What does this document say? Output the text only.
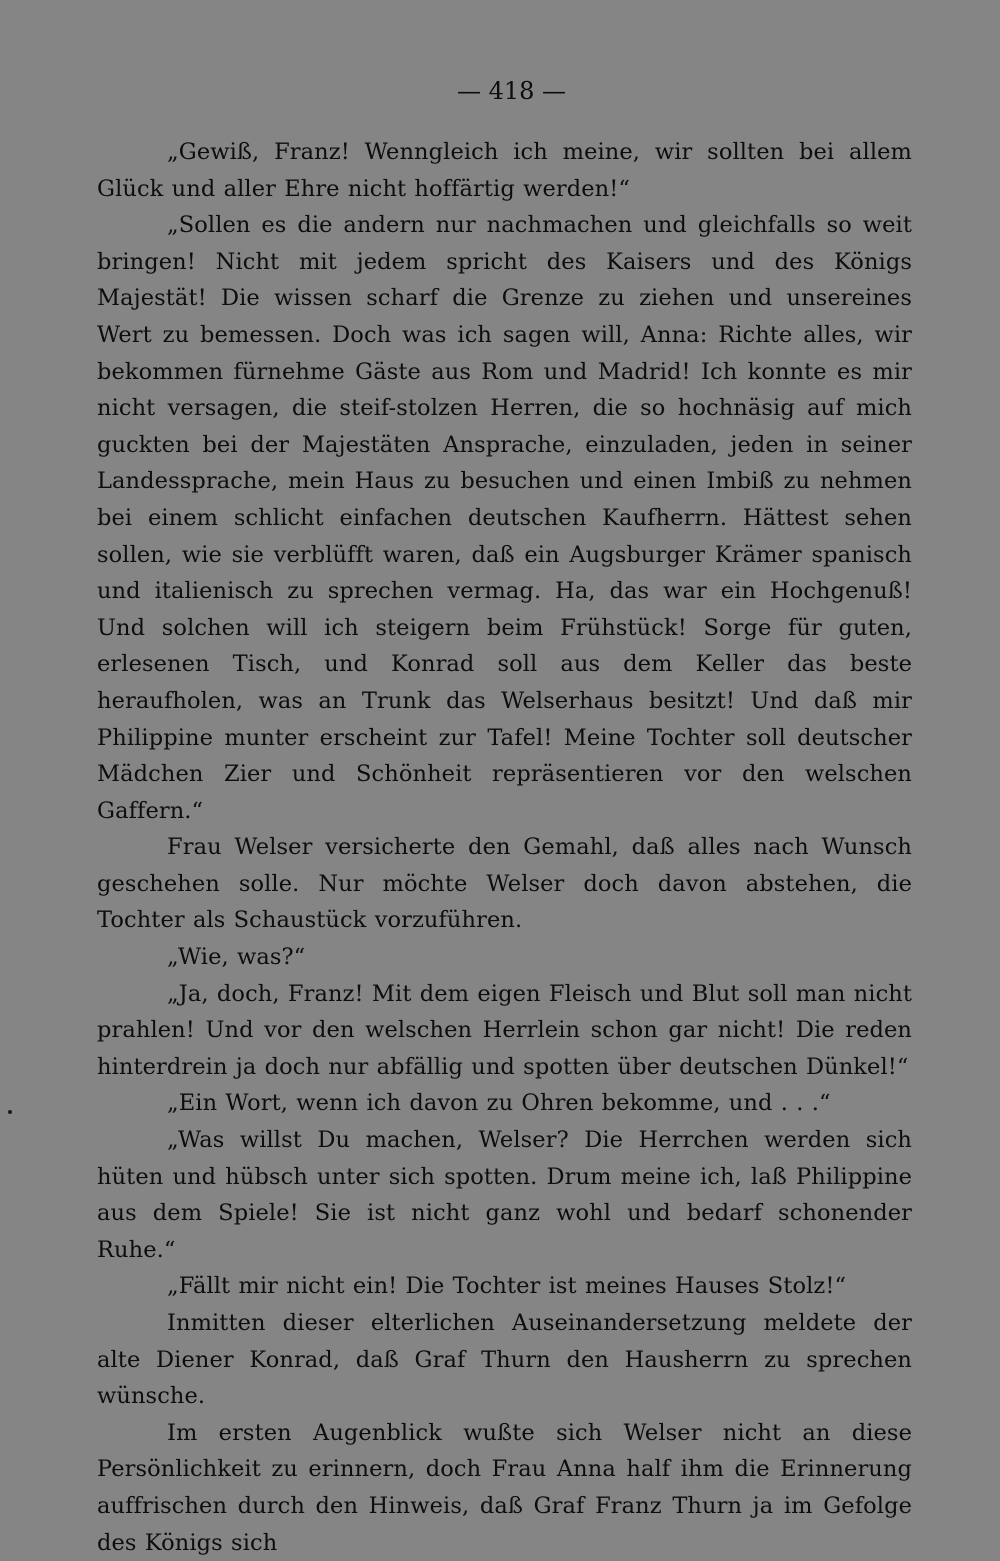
— 418 —

„Gewiß, Franz! Wenngleich ich meine, wir sollten bei allem Glück und aller Ehre nicht hoffärtig werden!“

„Sollen es die andern nur nachmachen und gleichfalls so weit bringen! Nicht mit jedem spricht des Kaisers und des Königs Majestät! Die wissen scharf die Grenze zu ziehen und unsereines Wert zu bemessen. Doch was ich sagen will, Anna: Richte alles, wir bekommen fürnehme Gäste aus Rom und Madrid! Ich konnte es mir nicht versagen, die steif-stolzen Herren, die so hochnäsig auf mich guckten bei der Majestäten Ansprache, einzuladen, jeden in seiner Landessprache, mein Haus zu besuchen und einen Imbiß zu nehmen bei einem schlicht einfachen deutschen Kaufherrn. Hättest sehen sollen, wie sie verblüfft waren, daß ein Augsburger Krämer spanisch und italienisch zu sprechen vermag. Ha, das war ein Hochgenuß! Und solchen will ich steigern beim Frühstück! Sorge für guten, erlesenen Tisch, und Konrad soll aus dem Keller das beste heraufholen, was an Trunk das Welserhaus besitzt! Und daß mir Philippine munter erscheint zur Tafel! Meine Tochter soll deutscher Mädchen Zier und Schönheit repräsentieren vor den welschen Gaffern.“

Frau Welser versicherte den Gemahl, daß alles nach Wunsch geschehen solle. Nur möchte Welser doch davon abstehen, die Tochter als Schaustück vorzuführen.

„Wie, was?“

„Ja, doch, Franz! Mit dem eigen Fleisch und Blut soll man nicht prahlen! Und vor den welschen Herrlein schon gar nicht! Die reden hinterdrein ja doch nur abfällig und spotten über deutschen Dünkel!“

„Ein Wort, wenn ich davon zu Ohren bekomme, und . . .“

„Was willst Du machen, Welser? Die Herrchen werden sich hüten und hübsch unter sich spotten. Drum meine ich, laß Philippine aus dem Spiele! Sie ist nicht ganz wohl und bedarf schonender Ruhe.“

„Fällt mir nicht ein! Die Tochter ist meines Hauses Stolz!“

Inmitten dieser elterlichen Auseinandersetzung meldete der alte Diener Konrad, daß Graf Thurn den Hausherrn zu sprechen wünsche.

Im ersten Augenblick wußte sich Welser nicht an diese Persönlichkeit zu erinnern, doch Frau Anna half ihm die Erinnerung auffrischen durch den Hinweis, daß Graf Franz Thurn ja im Gefolge des Königs sich
